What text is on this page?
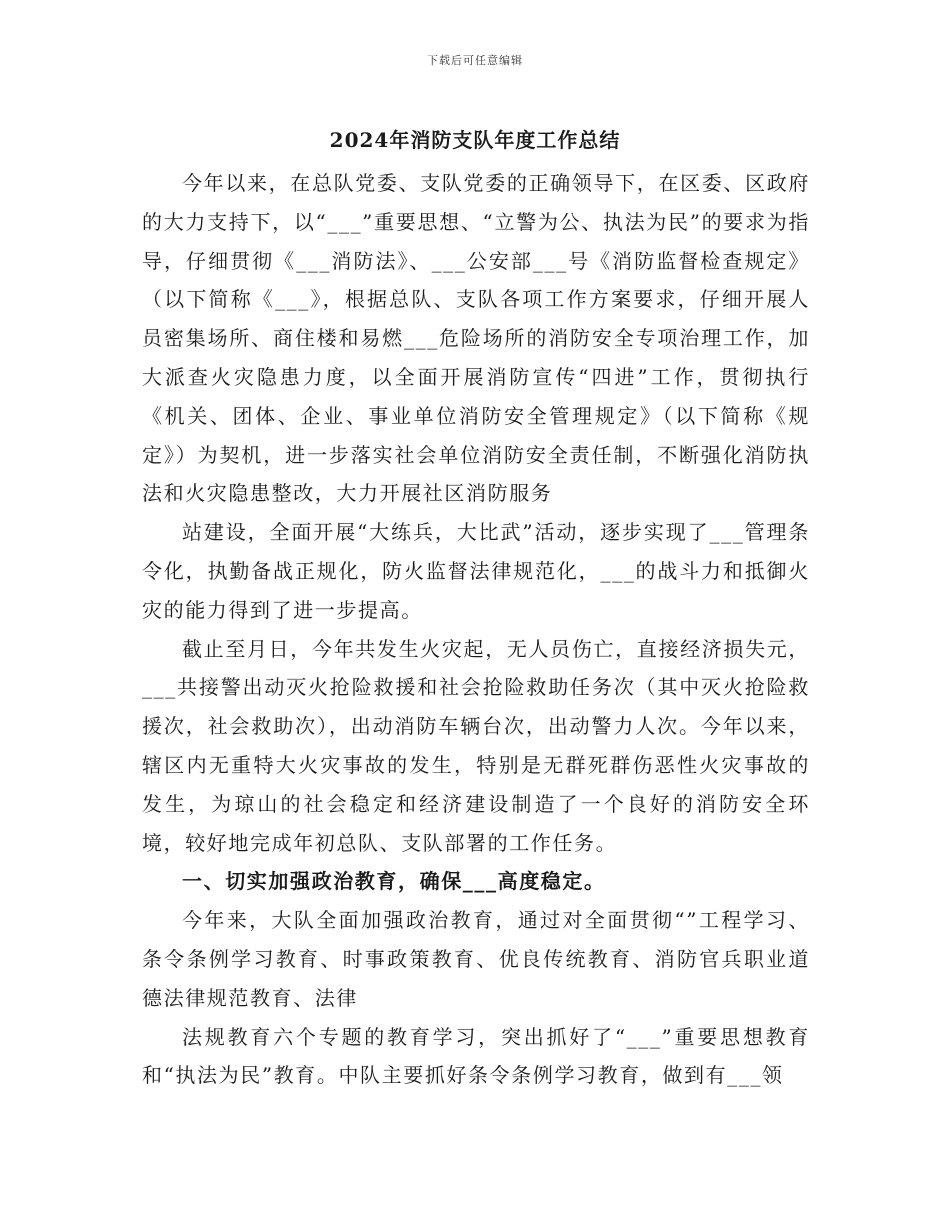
下载后可任意编辑
2024年消防支队年度工作总结

今年以来，在总队党委、支队党委的正确领导下，在区委、区政府的大力支持下，以“___”重要思想、“立警为公、执法为民”的要求为指导，仔细贯彻《___消防法》、___公安部___号《消防监督检查规定》（以下简称《___》，根据总队、支队各项工作方案要求，仔细开展人员密集场所、商住楼和易燃___危险场所的消防安全专项治理工作，加大派查火灾隐患力度，以全面开展消防宣传“四进”工作，贯彻执行《机关、团体、企业、事业单位消防安全管理规定》（以下简称《规定》）为契机，进一步落实社会单位消防安全责任制，不断强化消防执法和火灾隐患整改，大力开展社区消防服务

站建设，全面开展“大练兵，大比武”活动，逐步实现了___管理条令化，执勤备战正规化，防火监督法律规范化，___的战斗力和抵御火灾的能力得到了进一步提高。

截止至月日，今年共发生火灾起，无人员伤亡，直接经济损失元，___共接警出动灭火抢险救援和社会抢险救助任务次（其中灭火抢险救援次，社会救助次），出动消防车辆台次，出动警力人次。今年以来，辖区内无重特大火灾事故的发生，特别是无群死群伤恶性火灾事故的发生，为琼山的社会稳定和经济建设制造了一个良好的消防安全环境，较好地完成年初总队、支队部署的工作任务。

一、切实加强政治教育，确保___高度稳定。

今年来，大队全面加强政治教育，通过对全面贯彻“”工程学习、条令条例学习教育、时事政策教育、优良传统教育、消防官兵职业道德法律规范教育、法律

法规教育六个专题的教育学习，突出抓好了“___”重要思想教育和“执法为民”教育。中队主要抓好条令条例学习教育，做到有___领
